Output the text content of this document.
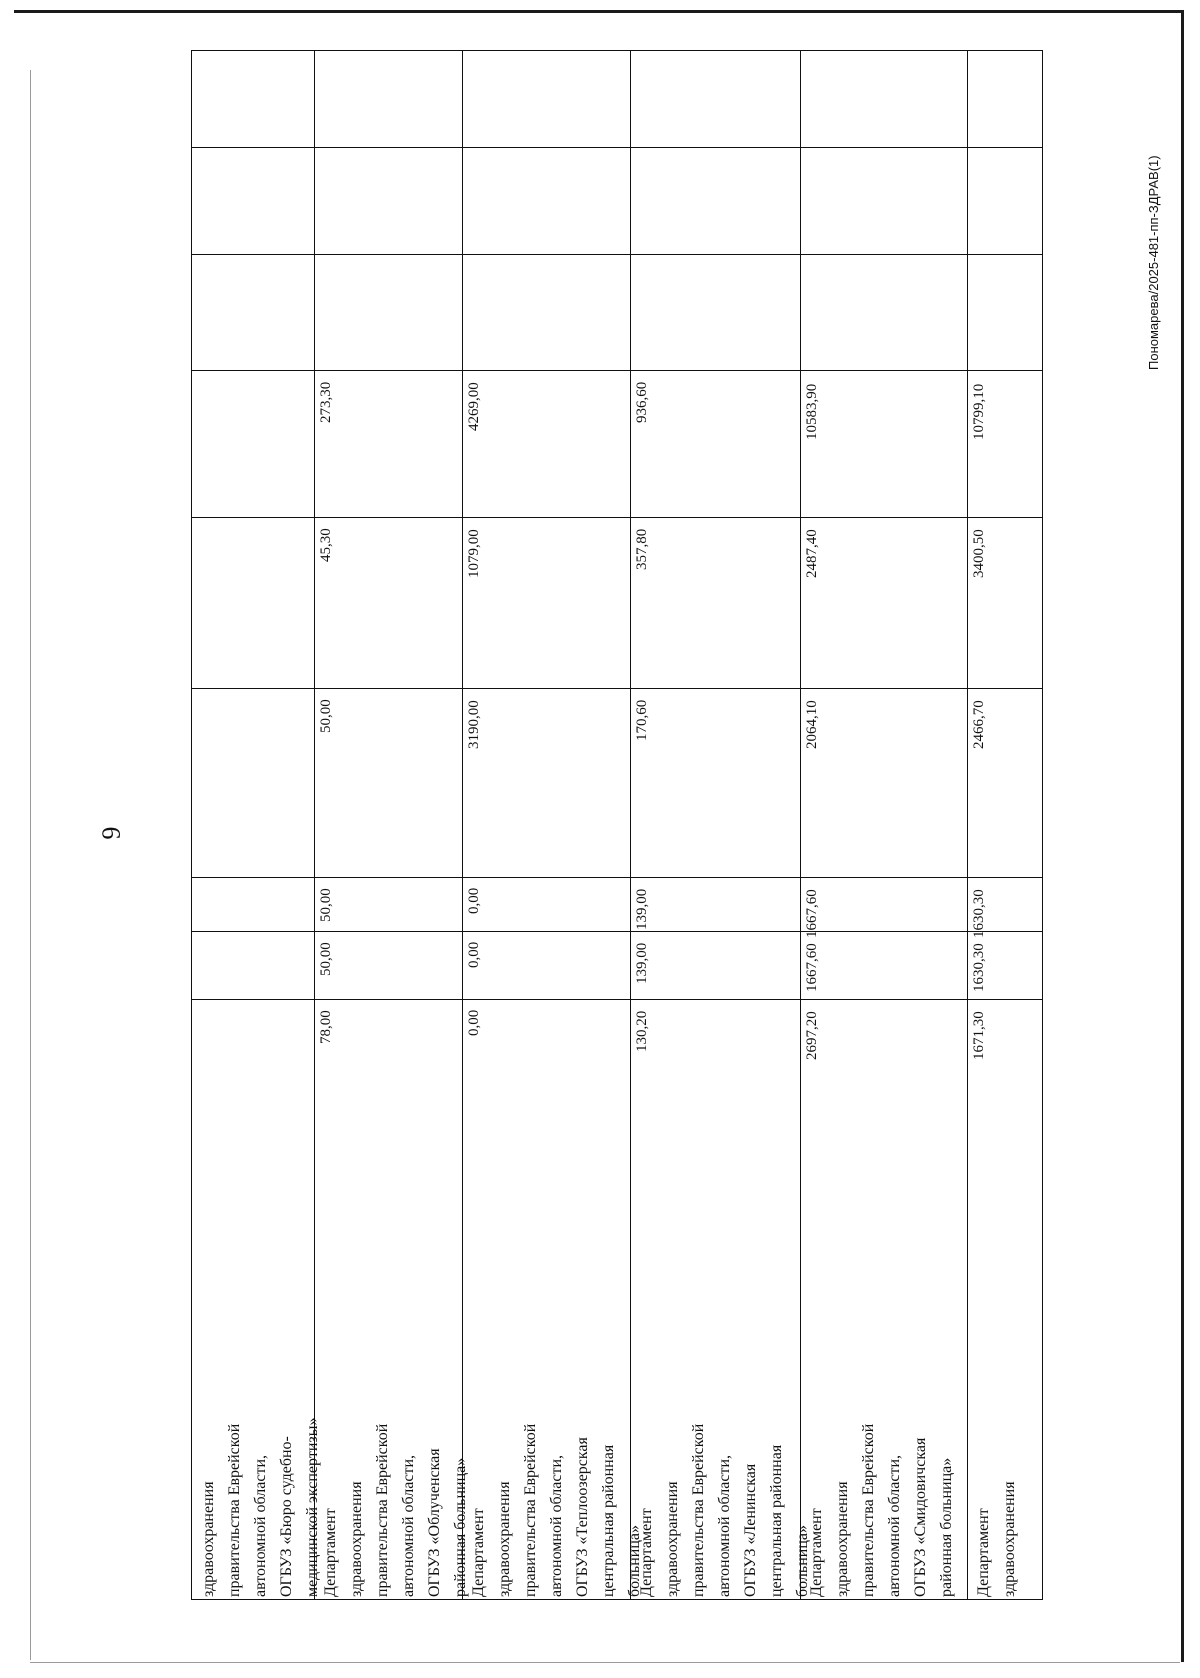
6
Пономарева/2025-481-пп-ЗДРАВ(1)
здравоохранения правительства Еврейской автономной области, ОГБУЗ «Бюро судебно- медицинской экспертизы»
273,30
45,30
50,00
50,00
50,00
78,00
Департамент здравоохранения правительства Еврейской автономной области, ОГБУЗ «Облученская районная больница»
4269,00
1079,00
3190,00
0,00
0,00
0,00
Департамент здравоохранения правительства Еврейской автономной области, ОГБУЗ «Теплоозерская центральная районная больница»
936,60
357,80
170,60
139,00
139,00
130,20
Департамент здравоохранения правительства Еврейской автономной области, ОГБУЗ «Ленинская центральная районная больница»
10583,90
2487,40
2064,10
1667,60
1667,60
2697,20
Департамент здравоохранения правительства Еврейской автономной области, ОГБУЗ «Смидовичская районная больница»
10799,10
3400,50
2466,70
1630,30
1630,30
1671,30
Департамент здравоохранения
